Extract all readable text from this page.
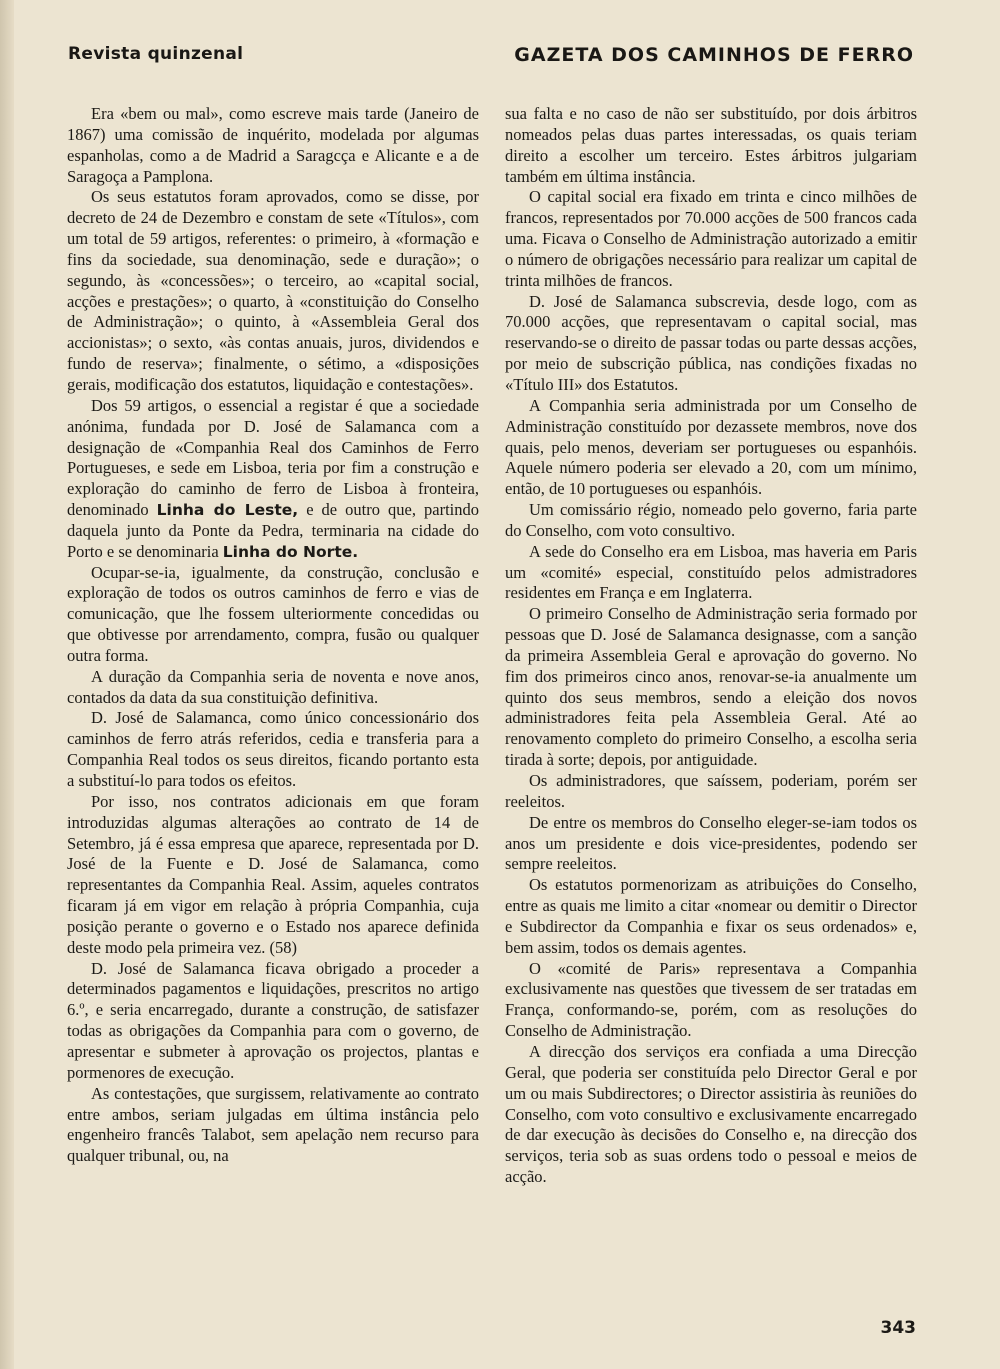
Revista quinzenal	GAZETA DOS CAMINHOS DE FERRO

Era «bem ou mal», como escreve mais tarde (Janeiro de 1867) uma comissão de inquérito, modelada por algumas espanholas, como a de Madrid a Saragcça e Alicante e a de Saragoça a Pamplona.

Os seus estatutos foram aprovados, como se disse, por decreto de 24 de Dezembro e constam de sete «Títulos», com um total de 59 artigos, referentes: o primeiro, à «formação e fins da sociedade, sua denominação, sede e duração»; o segundo, às «concessões»; o terceiro, ao «capital social, acções e prestações»; o quarto, à «constituição do Conselho de Administração»; o quinto, à «Assembleia Geral dos accionistas»; o sexto, «às contas anuais, juros, dividendos e fundo de reserva»; finalmente, o sétimo, a «disposições gerais, modificação dos estatutos, liquidação e contestações».

Dos 59 artigos, o essencial a registar é que a sociedade anónima, fundada por D. José de Salamanca com a designação de «Companhia Real dos Caminhos de Ferro Portugueses, e sede em Lisboa, teria por fim a construção e exploração do caminho de ferro de Lisboa à fronteira, denominado Linha do Leste, e de outro que, partindo daquela junto da Ponte da Pedra, terminaria na cidade do Porto e se denominaria Linha do Norte.

Ocupar-se-ia, igualmente, da construção, conclusão e exploração de todos os outros caminhos de ferro e vias de comunicação, que lhe fossem ulteriormente concedidas ou que obtivesse por arrendamento, compra, fusão ou qualquer outra forma.

A duração da Companhia seria de noventa e nove anos, contados da data da sua constituição definitiva.

D. José de Salamanca, como único concessionário dos caminhos de ferro atrás referidos, cedia e transferia para a Companhia Real todos os seus direitos, ficando portanto esta a substituí-lo para todos os efeitos.

Por isso, nos contratos adicionais em que foram introduzidas algumas alterações ao contrato de 14 de Setembro, já é essa empresa que aparece, representada por D. José de la Fuente e D. José de Salamanca, como representantes da Companhia Real. Assim, aqueles contratos ficaram já em vigor em relação à própria Companhia, cuja posição perante o governo e o Estado nos aparece definida deste modo pela primeira vez. (58)

D. José de Salamanca ficava obrigado a proceder a determinados pagamentos e liquidações, prescritos no artigo 6.º, e seria encarregado, durante a construção, de satisfazer todas as obrigações da Companhia para com o governo, de apresentar e submeter à aprovação os projectos, plantas e pormenores de execução.

As contestações, que surgissem, relativamente ao contrato entre ambos, seriam julgadas em última instância pelo engenheiro francês Talabot, sem apelação nem recurso para qualquer tribunal, ou, na

sua falta e no caso de não ser substituído, por dois árbitros nomeados pelas duas partes interessadas, os quais teriam direito a escolher um terceiro. Estes árbitros julgariam também em última instância.

O capital social era fixado em trinta e cinco milhões de francos, representados por 70.000 acções de 500 francos cada uma. Ficava o Conselho de Administração autorizado a emitir o número de obrigações necessário para realizar um capital de trinta milhões de francos.

D. José de Salamanca subscrevia, desde logo, com as 70.000 acções, que representavam o capital social, mas reservando-se o direito de passar todas ou parte dessas acções, por meio de subscrição pública, nas condições fixadas no «Título III» dos Estatutos.

A Companhia seria administrada por um Conselho de Administração constituído por dezassete membros, nove dos quais, pelo menos, deveriam ser portugueses ou espanhóis. Aquele número poderia ser elevado a 20, com um mínimo, então, de 10 portugueses ou espanhóis.

Um comissário régio, nomeado pelo governo, faria parte do Conselho, com voto consultivo.

A sede do Conselho era em Lisboa, mas haveria em Paris um «comité» especial, constituído pelos admistradores residentes em França e em Inglaterra.

O primeiro Conselho de Administração seria formado por pessoas que D. José de Salamanca designasse, com a sanção da primeira Assembleia Geral e aprovação do governo. No fim dos primeiros cinco anos, renovar-se-ia anualmente um quinto dos seus membros, sendo a eleição dos novos administradores feita pela Assembleia Geral. Até ao renovamento completo do primeiro Conselho, a escolha seria tirada à sorte; depois, por antiguidade.

Os administradores, que saíssem, poderiam, porém ser reeleitos.

De entre os membros do Conselho eleger-se-iam todos os anos um presidente e dois vice-presidentes, podendo ser sempre reeleitos.

Os estatutos pormenorizam as atribuições do Conselho, entre as quais me limito a citar «nomear ou demitir o Director e Subdirector da Companhia e fixar os seus ordenados» e, bem assim, todos os demais agentes.

O «comité de Paris» representava a Companhia exclusivamente nas questões que tivessem de ser tratadas em França, conformando-se, porém, com as resoluções do Conselho de Administração.

A direcção dos serviços era confiada a uma Direcção Geral, que poderia ser constituída pelo Director Geral e por um ou mais Subdirectores; o Director assistiria às reuniões do Conselho, com voto consultivo e exclusivamente encarregado de dar execução às decisões do Conselho e, na direcção dos serviços, teria sob as suas ordens todo o pessoal e meios de acção.

343
